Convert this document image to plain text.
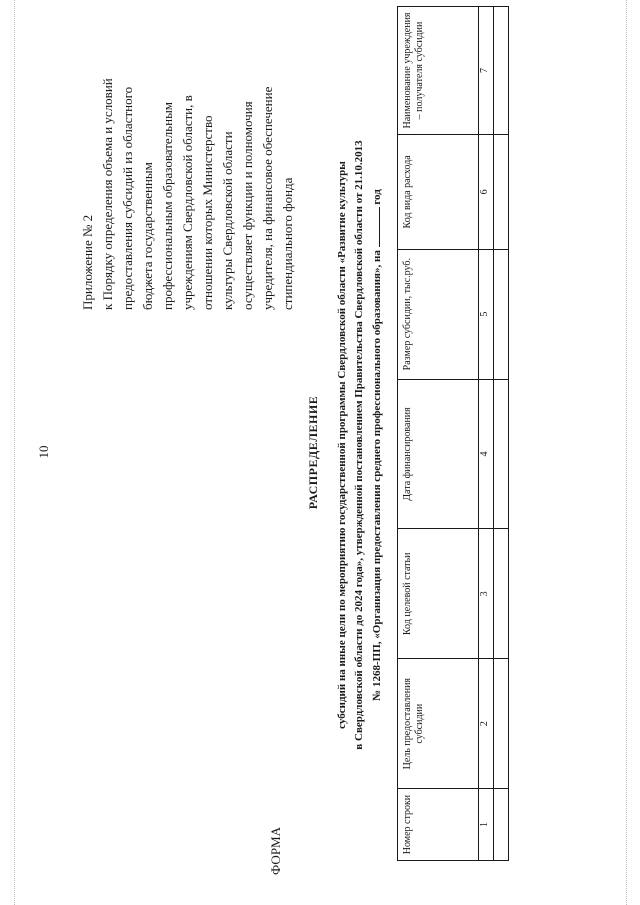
10
Приложение № 2 к Порядку определения объема и условий предоставления субсидий из областного бюджета государственным профессиональным образовательным учреждениям Свердловской области, в отношении которых Министерство культуры Свердловской области осуществляет функции и полномочия учредителя, на финансовое обеспечение стипендиального фонда
ФОРМА
РАСПРЕДЕЛЕНИЕ субсидий на иные цели по мероприятию государственной программы Свердловской области «Развитие культуры в Свердловской области до 2024 года», утвержденной постановлением Правительства Свердловской области от 21.10.2013 № 1268-ПП, «Организация предоставления среднего профессионального образования», на  год
Номер строки	Цель предоставления субсидии	Код целевой статьи	Дата финансирования	Размер субсидии, тыс.руб.	Код вида расхода	Наименование учреждения – получателя субсидии
1	2	3	4	5	6	7
